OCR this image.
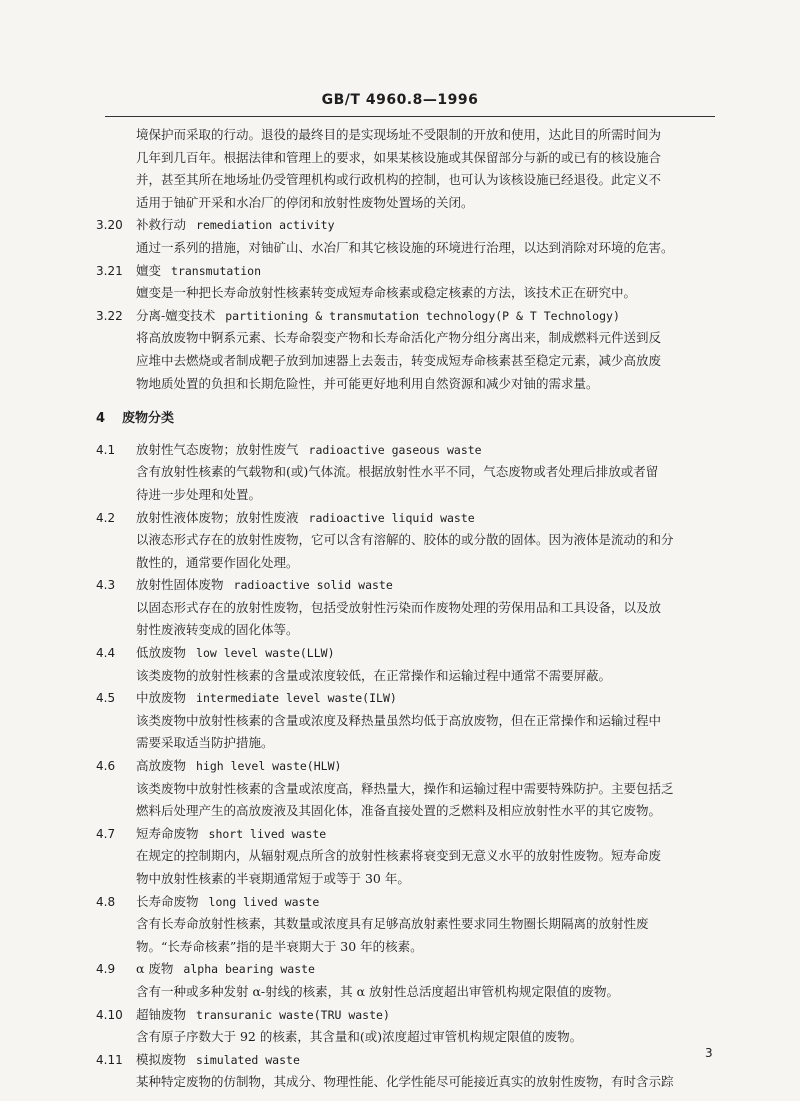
GB/T 4960.8—1996

境保护而采取的行动。退役的最终目的是实现场址不受限制的开放和使用，达此目的所需时间为

几年到几百年。根据法律和管理上的要求，如果某核设施或其保留部分与新的或已有的核设施合

并，甚至其所在地场址仍受管理机构或行政机构的控制，也可认为该核设施已经退役。此定义不

适用于铀矿开采和水冶厂的停闭和放射性废物处置场的关闭。

3.20	补救行动 remediation activity

通过一系列的措施，对铀矿山、水冶厂和其它核设施的环境进行治理，以达到消除对环境的危害。

3.21	嬗变 transmutation

嬗变是一种把长寿命放射性核素转变成短寿命核素或稳定核素的方法，该技术正在研究中。

3.22	分离-嬗变技术 partitioning & transmutation technology(P & T Technology)

将高放废物中锕系元素、长寿命裂变产物和长寿命活化产物分组分离出来，制成燃料元件送到反

应堆中去燃烧或者制成靶子放到加速器上去轰击，转变成短寿命核素甚至稳定元素，减少高放废

物地质处置的负担和长期危险性，并可能更好地利用自然资源和减少对铀的需求量。

4 废物分类
4.1	放射性气态废物；放射性废气 radioactive gaseous waste

含有放射性核素的气载物和(或)气体流。根据放射性水平不同，气态废物或者处理后排放或者留

待进一步处理和处置。

4.2	放射性液体废物；放射性废液 radioactive liquid waste

以液态形式存在的放射性废物，它可以含有溶解的、胶体的或分散的固体。因为液体是流动的和分

散性的，通常要作固化处理。

4.3	放射性固体废物 radioactive solid waste

以固态形式存在的放射性废物，包括受放射性污染而作废物处理的劳保用品和工具设备，以及放

射性废液转变成的固化体等。

4.4	低放废物 low level waste(LLW)

该类废物的放射性核素的含量或浓度较低，在正常操作和运输过程中通常不需要屏蔽。

4.5	中放废物 intermediate level waste(ILW)

该类废物中放射性核素的含量或浓度及释热量虽然均低于高放废物，但在正常操作和运输过程中

需要采取适当防护措施。

4.6	高放废物 high level waste(HLW)

该类废物中放射性核素的含量或浓度高，释热量大，操作和运输过程中需要特殊防护。主要包括乏

燃料后处理产生的高放废液及其固化体，准备直接处置的乏燃料及相应放射性水平的其它废物。

4.7	短寿命废物 short lived waste

在规定的控制期内，从辐射观点所含的放射性核素将衰变到无意义水平的放射性废物。短寿命废

物中放射性核素的半衰期通常短于或等于 30 年。

4.8	长寿命废物 long lived waste

含有长寿命放射性核素，其数量或浓度具有足够高放射素性要求同生物圈长期隔离的放射性废

物。“长寿命核素”指的是半衰期大于 30 年的核素。

4.9	α 废物 alpha bearing waste

含有一种或多种发射 α-射线的核素，其 α 放射性总活度超出审管机构规定限值的废物。

4.10	超铀废物 transuranic waste(TRU waste)

含有原子序数大于 92 的核素，其含量和(或)浓度超过审管机构规定限值的废物。

4.11	模拟废物 simulated waste

某种特定废物的仿制物，其成分、物理性能、化学性能尽可能接近真实的放射性废物，有时含示踪

3
